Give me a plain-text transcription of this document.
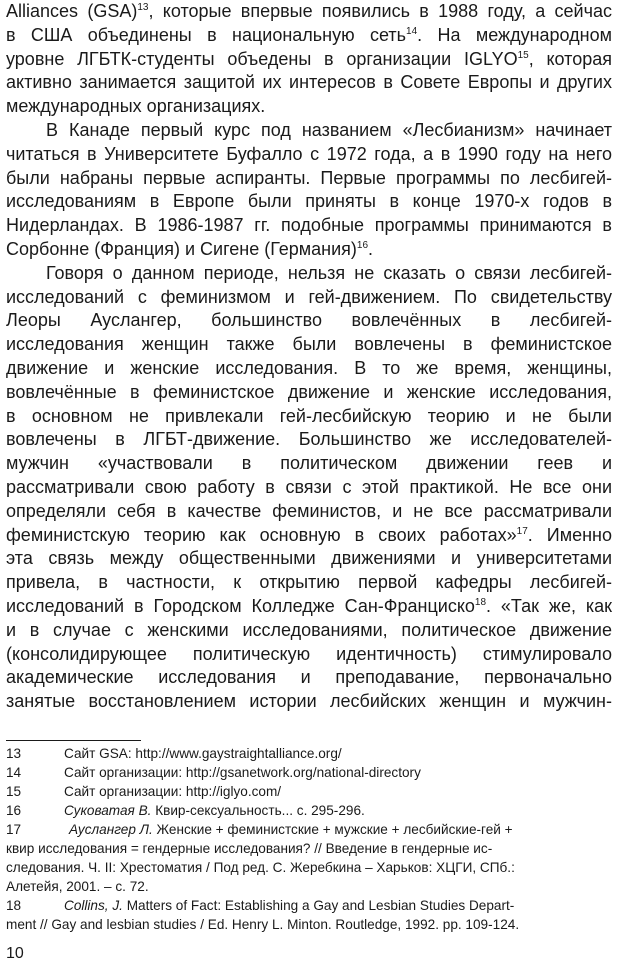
Alliances (GSA)$^{13}$, которые впервые появились в 1988 году, а сейчас
в США объединены в национальную сеть$^{14}$. На международном
уровне ЛГБТК-студенты объедены в организации IGLYO$^{15}$, которая
активно занимается защитой их интересов в Совете Европы и других
международных организациях.
В Канаде первый курс под названием «Лесбианизм» начинает
читаться в Университете Буфалло с 1972 года, а в 1990 году на него
были набраны первые аспиранты. Первые программы по лесбигей-
исследованиям в Европе были приняты в конце 1970-х годов в
Нидерландах. В 1986-1987 гг. подобные программы принимаются в
Сорбонне (Франция) и Сигене (Германия)$^{16}$.
Говоря о данном периоде, нельзя не сказать о связи лесбигей-
исследований с феминизмом и гей-движением. По свидетельству
Леоры Ауслангер, большинство вовлечённых в лесбигей-
исследования женщин также были вовлечены в феминистское
движение и женские исследования. В то же время, женщины,
вовлечённые в феминистское движение и женские исследования,
в основном не привлекали гей-лесбийскую теорию и не были
вовлечены в ЛГБТ-движение. Большинство же исследователей-
мужчин «участвовали в политическом движении геев и
рассматривали свою работу в связи с этой практикой. Не все они
определяли себя в качестве феминистов, и не все рассматривали
феминистскую теорию как основную в своих работах»$^{17}$. Именно
эта связь между общественными движениями и университетами
привела, в частности, к открытию первой кафедры лесбигей-
исследований в Городском Колледже Сан-Франциско$^{18}$. «Так же, как
и в случае с женскими исследованиями, политическое движение
(консолидирующее политическую идентичность) стимулировало
академические исследования и преподавание, первоначально
занятые восстановлением истории лесбийских женщин и мужчин-
13	Сайт GSA: http://www.gaystraightalliance.org/
14	Сайт организации: http://gsanetwork.org/national-directory
15	Сайт организации: http://iglyo.com/
16	Суковатая В. Квир-сексуальность... с. 295-296.
17	Ауслангер Л. Женские + феминистские + мужские + лесбийские-гей +
квир исследования = гендерные исследования? // Введение в гендерные ис-
следования. Ч. II: Хрестоматия / Под ред. С. Жеребкина – Харьков: ХЦГИ, СПб.:
Алетейя, 2001. – с. 72.
18	Collins, J. Matters of Fact: Establishing a Gay and Lesbian Studies Depart-
ment // Gay and lesbian studies / Ed. Henry L. Minton. Routledge, 1992. pp. 109-124.
10
